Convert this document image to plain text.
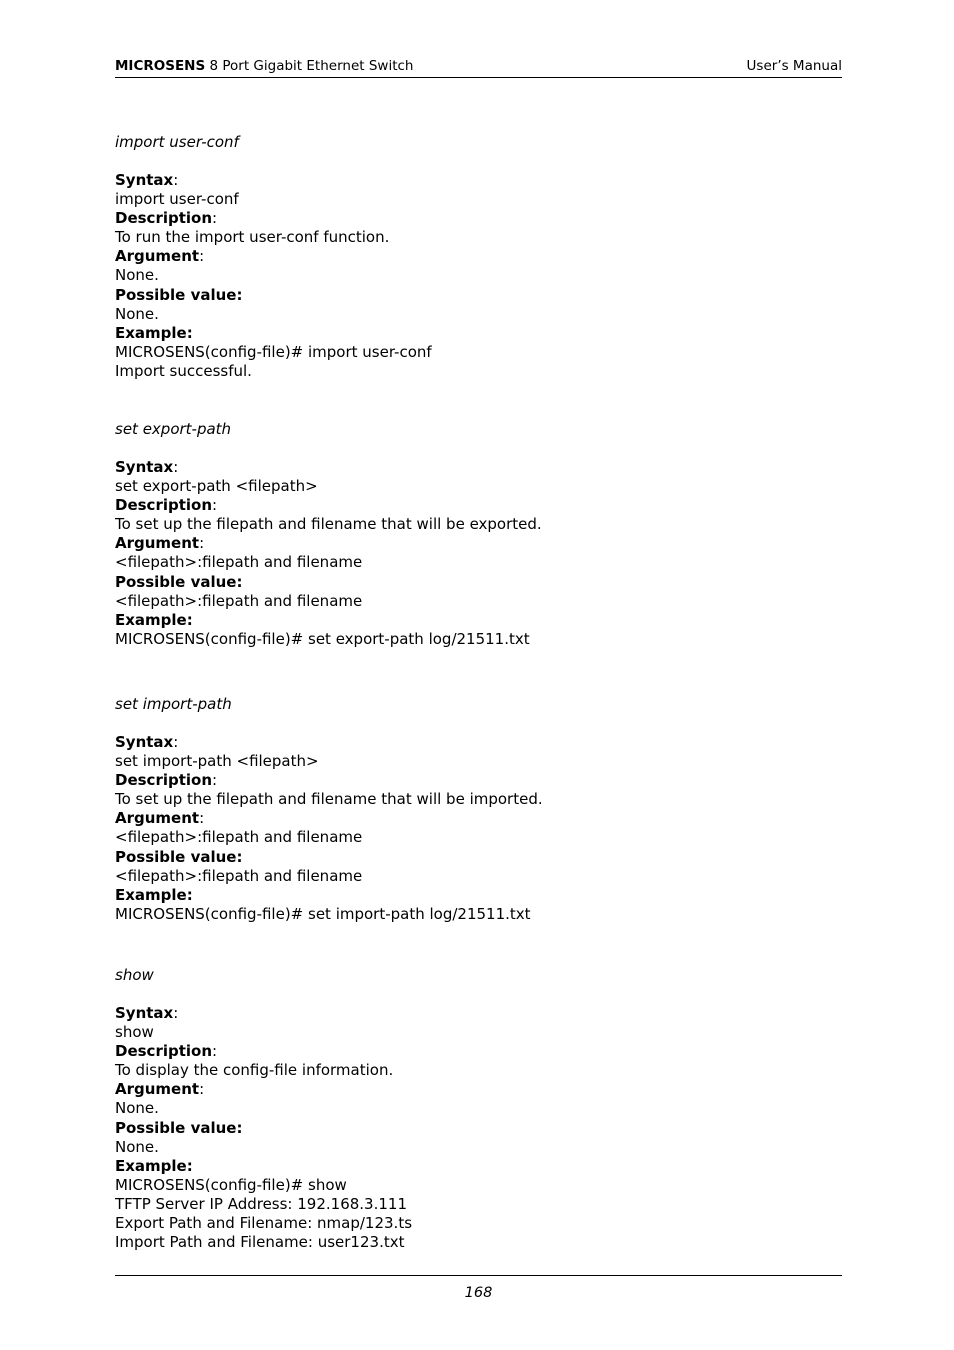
MICROSENS 8 Port Gigabit Ethernet Switch	User’s Manual
import user-conf
Syntax:
import user-conf
Description:
To run the import user-conf function.
Argument:
None.
Possible value:
None.
Example:
MICROSENS(config-file)# import user-conf
Import successful.
set export-path
Syntax:
set export-path <filepath>
Description:
To set up the filepath and filename that will be exported.
Argument:
<filepath>:filepath and filename
Possible value:
<filepath>:filepath and filename
Example:
MICROSENS(config-file)# set export-path log/21511.txt
set import-path
Syntax:
set import-path <filepath>
Description:
To set up the filepath and filename that will be imported.
Argument:
<filepath>:filepath and filename
Possible value:
<filepath>:filepath and filename
Example:
MICROSENS(config-file)# set import-path log/21511.txt
show
Syntax:
show
Description:
To display the config-file information.
Argument:
None.
Possible value:
None.
Example:
MICROSENS(config-file)# show
TFTP Server IP Address: 192.168.3.111
Export Path and Filename: nmap/123.ts
Import Path and Filename: user123.txt
168
